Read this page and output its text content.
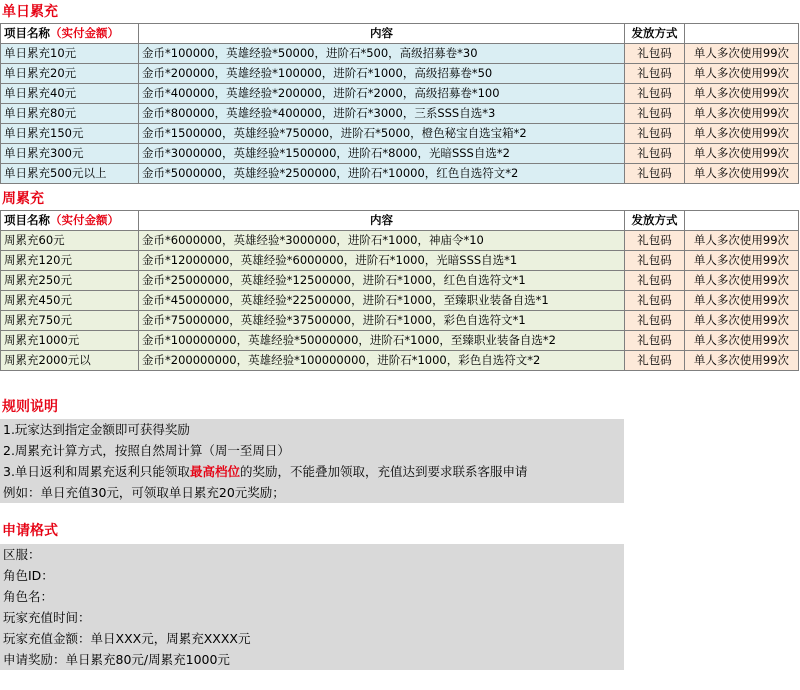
单日累充
项目名称（实付金额）	内容	发放方式	
单日累充10元	金币*100000，英雄经验*50000，进阶石*500，高级招募卷*30	礼包码	单人多次使用99次
单日累充20元	金币*200000，英雄经验*100000，进阶石*1000，高级招募卷*50	礼包码	单人多次使用99次
单日累充40元	金币*400000，英雄经验*200000，进阶石*2000，高级招募卷*100	礼包码	单人多次使用99次
单日累充80元	金币*800000，英雄经验*400000，进阶石*3000，三系SSS自选*3	礼包码	单人多次使用99次
单日累充150元	金币*1500000，英雄经验*750000，进阶石*5000，橙色秘宝自选宝箱*2	礼包码	单人多次使用99次
单日累充300元	金币*3000000，英雄经验*1500000，进阶石*8000，光暗SSS自选*2	礼包码	单人多次使用99次
单日累充500元以上	金币*5000000，英雄经验*2500000，进阶石*10000，红色自选符文*2	礼包码	单人多次使用99次
周累充
项目名称（实付金额）	内容	发放方式	
周累充60元	金币*6000000，英雄经验*3000000，进阶石*1000，神庙令*10	礼包码	单人多次使用99次
周累充120元	金币*12000000，英雄经验*6000000，进阶石*1000，光暗SSS自选*1	礼包码	单人多次使用99次
周累充250元	金币*25000000，英雄经验*12500000，进阶石*1000，红色自选符文*1	礼包码	单人多次使用99次
周累充450元	金币*45000000，英雄经验*22500000，进阶石*1000，至臻职业装备自选*1	礼包码	单人多次使用99次
周累充750元	金币*75000000，英雄经验*37500000，进阶石*1000，彩色自选符文*1	礼包码	单人多次使用99次
周累充1000元	金币*100000000，英雄经验*50000000，进阶石*1000，至臻职业装备自选*2	礼包码	单人多次使用99次
周累充2000元以	金币*200000000，英雄经验*100000000，进阶石*1000，彩色自选符文*2	礼包码	单人多次使用99次
规则说明
1.玩家达到指定金额即可获得奖励
2.周累充计算方式，按照自然周计算（周一至周日）
3.单日返利和周累充返利只能领取最高档位的奖励，不能叠加领取，充值达到要求联系客服申请
例如：单日充值30元，可领取单日累充20元奖励；
申请格式
区服：
角色ID：
角色名：
玩家充值时间：
玩家充值金额：单日XXX元，周累充XXXX元
申请奖励：单日累充80元/周累充1000元
